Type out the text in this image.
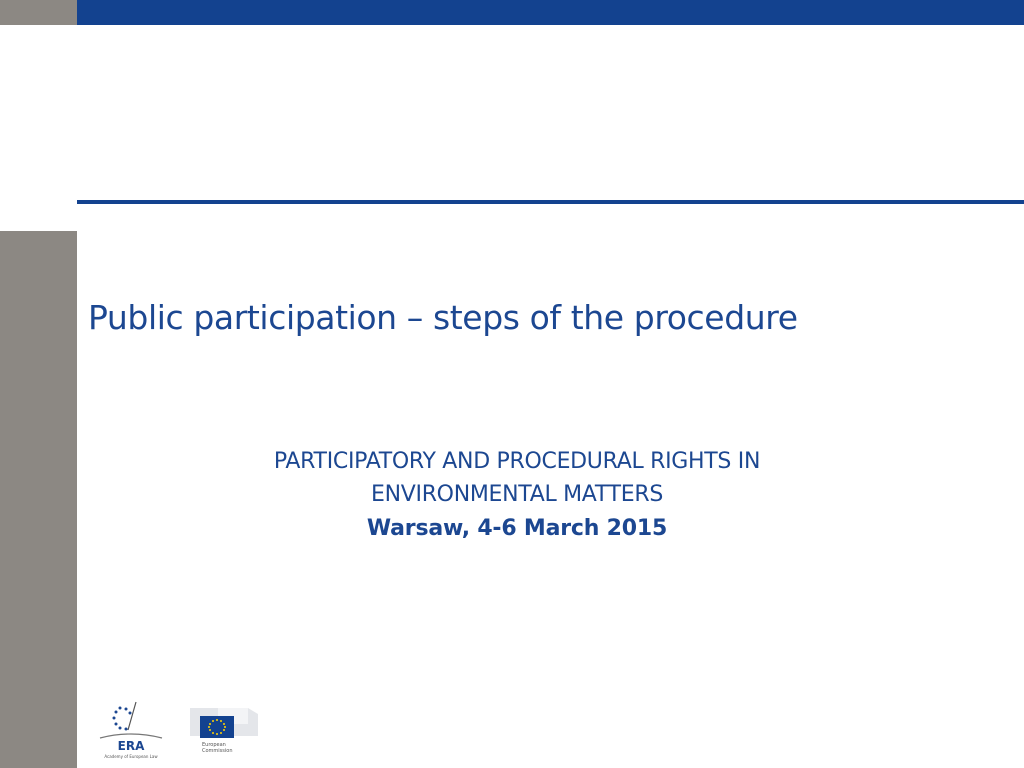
Public participation – steps of the procedure
PARTICIPATORY AND PROCEDURAL RIGHTS IN
ENVIRONMENTAL MATTERS
Warsaw, 4-6 March 2015
ERA
Academy of European Law
European
Commission
